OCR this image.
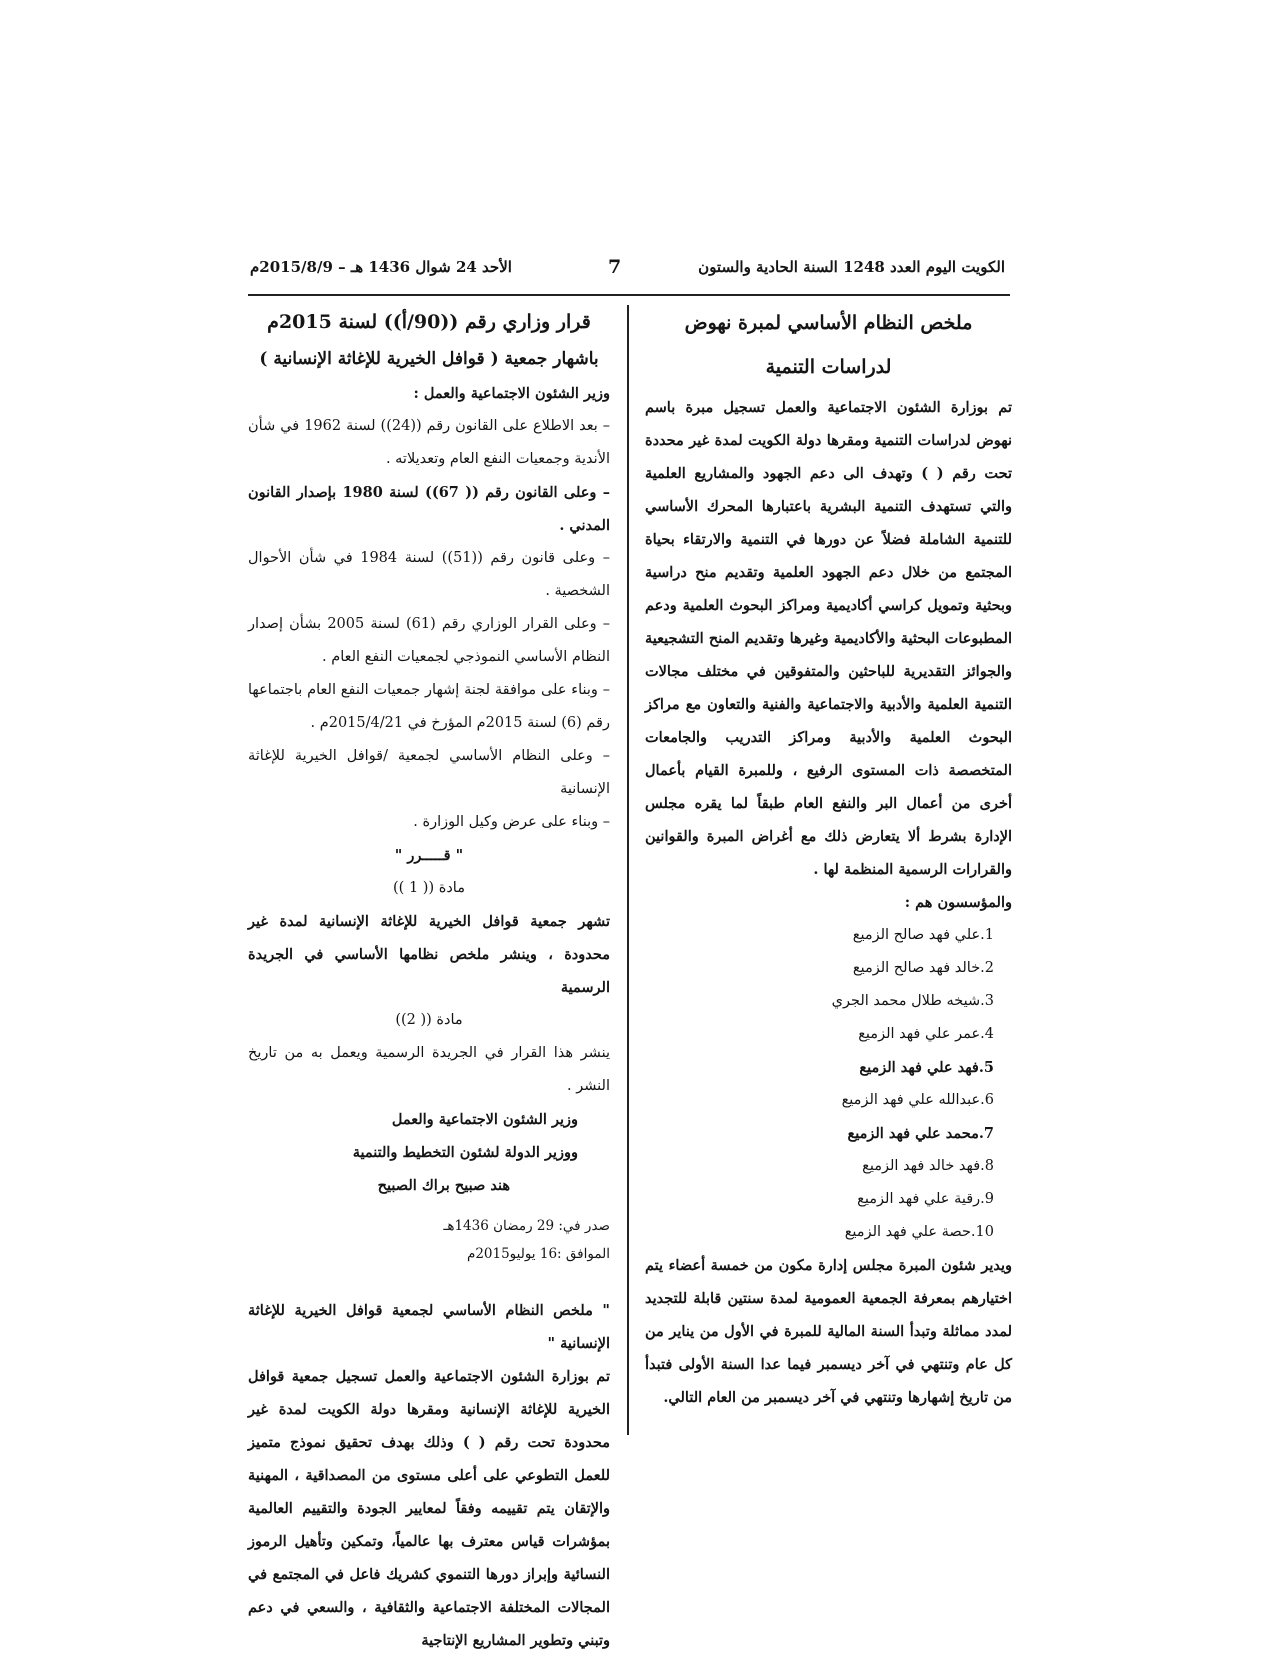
الأحد 24 شوال 1436 هـ – 2015/8/9م	7	الكويت اليوم العدد 1248 السنة الحادية والستون
ملخص النظام الأساسي لمبرة نهوض
لدراسات التنمية

تم بوزارة الشئون الاجتماعية والعمل تسجيل مبرة باسم نهوض لدراسات التنمية ومقرها دولة الكويت لمدة غير محددة تحت رقم ( ) وتهدف الى دعم الجهود والمشاريع العلمية والتي تستهدف التنمية البشرية باعتبارها المحرك الأساسي للتنمية الشاملة فضلاً عن دورها في التنمية والارتقاء بحياة المجتمع من خلال دعم الجهود العلمية وتقديم منح دراسية وبحثية وتمويل كراسي أكاديمية ومراكز البحوث العلمية ودعم المطبوعات البحثية والأكاديمية وغيرها وتقديم المنح التشجيعية والجوائز التقديرية للباحثين والمتفوقين في مختلف مجالات التنمية العلمية والأدبية والاجتماعية والفنية والتعاون مع مراكز البحوث العلمية والأدبية ومراكز التدريب والجامعات المتخصصة ذات المستوى الرفيع ، وللمبرة القيام بأعمال أخرى من أعمال البر والنفع العام طبقاً لما يقره مجلس الإدارة بشرط ألا يتعارض ذلك مع أغراض المبرة والقوانين والقرارات الرسمية المنظمة لها .

والمؤسسون هم :

1.علي فهد صالح الزميع
2.خالد فهد صالح الزميع
3.شيخه طلال محمد الجري
4.عمر علي فهد الزميع
5.فهد علي فهد الزميع
6.عبدالله علي فهد الزميع
7.محمد علي فهد الزميع
8.فهد خالد فهد الزميع
9.رقية علي فهد الزميع
10.حصة علي فهد الزميع

ويدير شئون المبرة مجلس إدارة مكون من خمسة أعضاء يتم اختيارهم بمعرفة الجمعية العمومية لمدة سنتين قابلة للتجديد لمدد مماثلة وتبدأ السنة المالية للمبرة في الأول من يناير من كل عام وتنتهي في آخر ديسمبر فيما عدا السنة الأولى فتبدأ من تاريخ إشهارها وتنتهي في آخر ديسمبر من العام التالي.

قرار وزاري رقم ((90/أ)) لسنة 2015م
باشهار جمعية ( قوافل الخيرية للإغاثة الإنسانية )

وزير الشئون الاجتماعية والعمل :

– بعد الاطلاع على القانون رقم ((24)) لسنة 1962 في شأن الأندية وجمعيات النفع العام وتعديلاته .

– وعلى القانون رقم (( 67)) لسنة 1980 بإصدار القانون المدني .

– وعلى قانون رقم ((51)) لسنة 1984 في شأن الأحوال الشخصية .

– وعلى القرار الوزاري رقم (61) لسنة 2005 بشأن إصدار النظام الأساسي النموذجي لجمعيات النفع العام .

– وبناء على موافقة لجنة إشهار جمعيات النفع العام باجتماعها رقم (6) لسنة 2015م المؤرخ في 2015/4/21م .

– وعلى النظام الأساسي لجمعية /قوافل الخيرية للإغاثة الإنسانية

– وبناء على عرض وكيل الوزارة .

" قـــــرر "

مادة (( 1 ))

تشهر جمعية قوافل الخيرية للإغاثة الإنسانية لمدة غير محدودة ، وينشر ملخص نظامها الأساسي في الجريدة الرسمية

مادة (( 2))

ينشر هذا القرار في الجريدة الرسمية ويعمل به من تاريخ النشر .

وزير الشئون الاجتماعية والعمل
ووزير الدولة لشئون التخطيط والتنمية
هند صبيح براك الصبيح
صدر في: 29 رمضان 1436هـ
الموافق :16 يوليو2015م

" ملخص النظام الأساسي لجمعية قوافل الخيرية للإغاثة الإنسانية "

تم بوزارة الشئون الاجتماعية والعمل تسجيل جمعية قوافل الخيرية للإغاثة الإنسانية ومقرها دولة الكويت لمدة غير محدودة تحت رقم ( ) وذلك بهدف تحقيق نموذج متميز للعمل التطوعي على أعلى مستوى من المصداقية ، المهنية والإتقان يتم تقييمه وفقاً لمعايير الجودة والتقييم العالمية بمؤشرات قياس معترف بها عالمياً، وتمكين وتأهيل الرموز النسائية وإبراز دورها التنموي كشريك فاعل في المجتمع في المجالات المختلفة الاجتماعية والثقافية ، والسعي في دعم وتبني وتطوير المشاريع الإنتاجية
